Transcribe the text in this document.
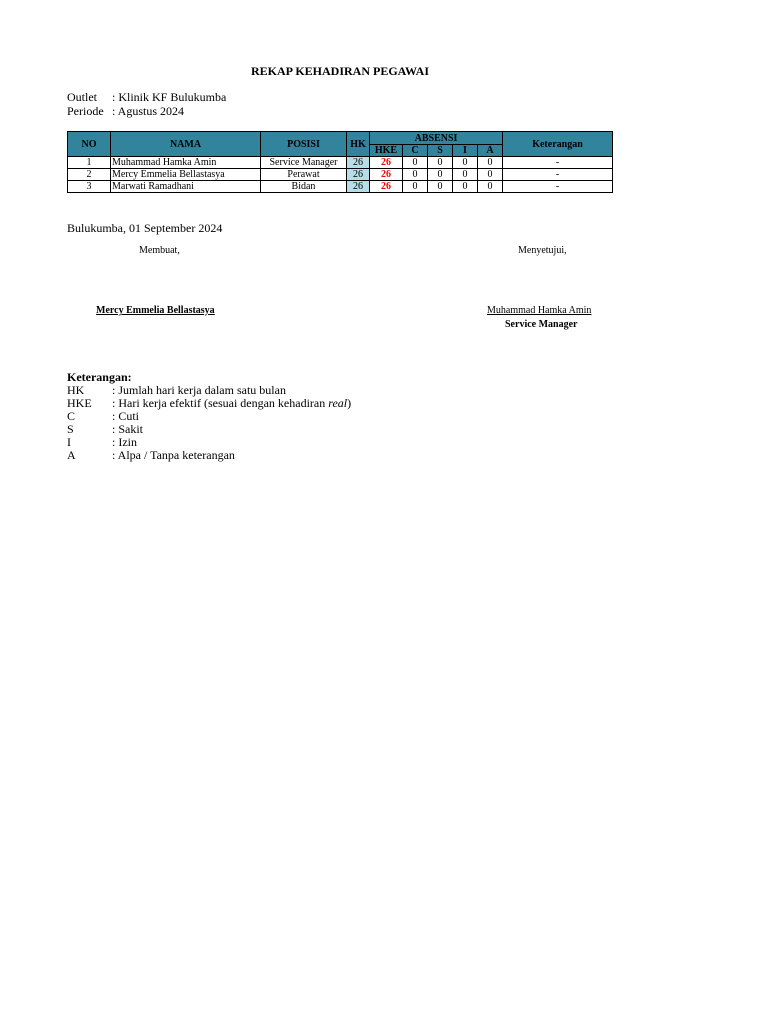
REKAP KEHADIRAN PEGAWAI
Outlet : Klinik KF Bulukumba
Periode : Agustus 2024
NO	NAMA	POSISI	HK	ABSENSI					Keterangan
				HKE	C	S	I	A	
1	Muhammad Hamka Amin	Service Manager	26	26	0	0	0	0	-
2	Mercy Emmelia Bellastasya	Perawat	26	26	0	0	0	0	-
3	Marwati Ramadhani	Bidan	26	26	0	0	0	0	-
Bulukumba, 01 September 2024
Membuat,	Menyetujui,
Mercy Emmelia Bellastasya	Muhammad Hamka Amin
Service Manager
Keterangan:
HK : Jumlah hari kerja dalam satu bulan
HKE : Hari kerja efektif (sesuai dengan kehadiran real)
C	: Cuti
S	: Sakit
I	: Izin
A	: Alpa / Tanpa keterangan
